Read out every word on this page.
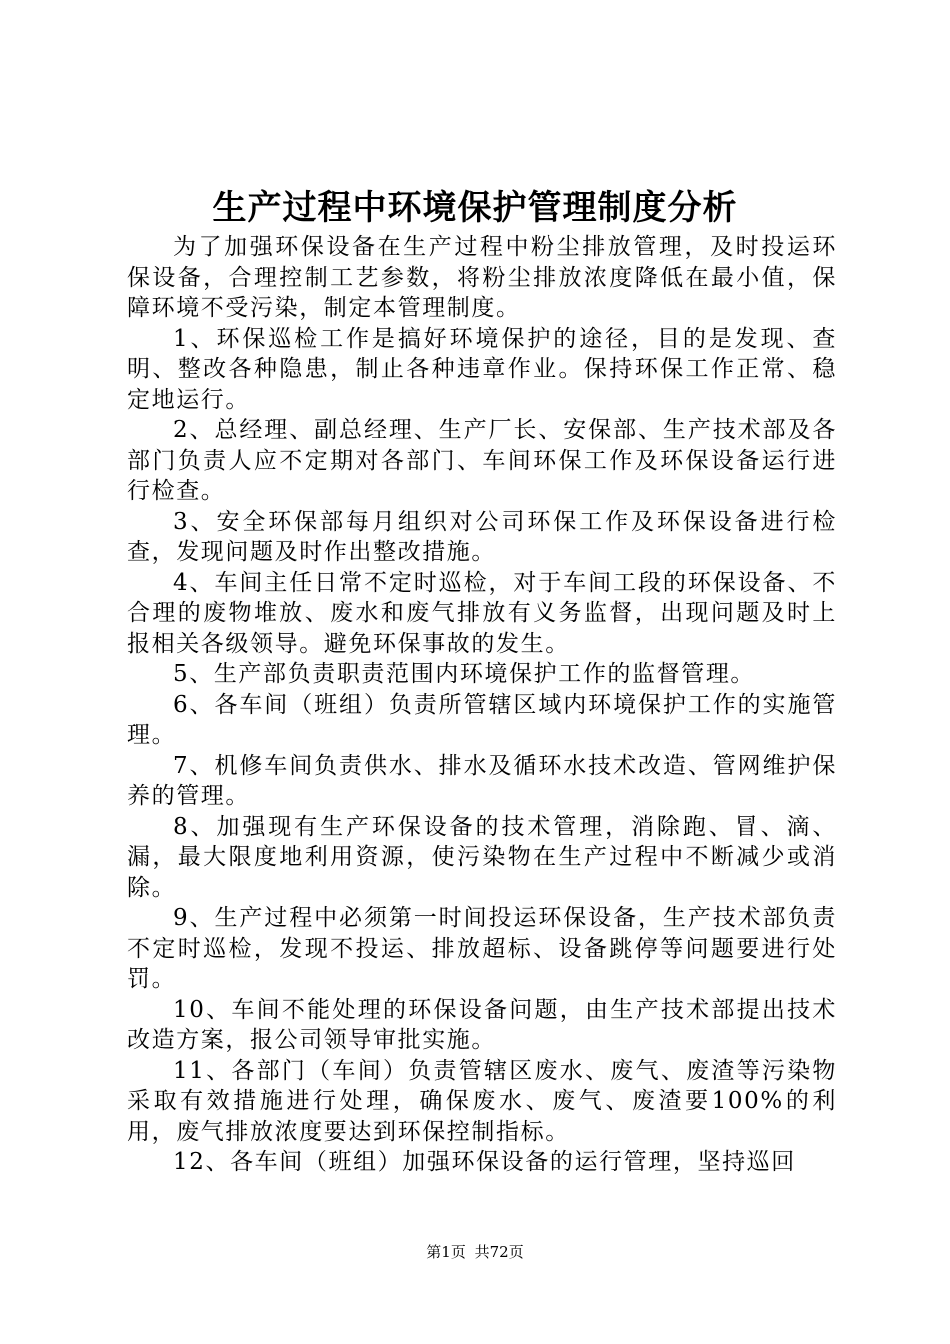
生产过程中环境保护管理制度分析

为了加强环保设备在生产过程中粉尘排放管理，及时投运环保设备，合理控制工艺参数，将粉尘排放浓度降低在最小值，保障环境不受污染，制定本管理制度。

1、环保巡检工作是搞好环境保护的途径，目的是发现、查明、整改各种隐患，制止各种违章作业。保持环保工作正常、稳定地运行。

2、总经理、副总经理、生产厂长、安保部、生产技术部及各部门负责人应不定期对各部门、车间环保工作及环保设备运行进行检查。

3、安全环保部每月组织对公司环保工作及环保设备进行检查，发现问题及时作出整改措施。

4、车间主任日常不定时巡检，对于车间工段的环保设备、不合理的废物堆放、废水和废气排放有义务监督，出现问题及时上报相关各级领导。避免环保事故的发生。

5、生产部负责职责范围内环境保护工作的监督管理。

6、各车间（班组）负责所管辖区域内环境保护工作的实施管理。

7、机修车间负责供水、排水及循环水技术改造、管网维护保养的管理。

8、加强现有生产环保设备的技术管理，消除跑、冒、滴、漏，最大限度地利用资源，使污染物在生产过程中不断减少或消除。

9、生产过程中必须第一时间投运环保设备，生产技术部负责不定时巡检，发现不投运、排放超标、设备跳停等问题要进行处罚。

10、车间不能处理的环保设备问题，由生产技术部提出技术改造方案，报公司领导审批实施。

11、各部门（车间）负责管辖区废水、废气、废渣等污染物采取有效措施进行处理，确保废水、废气、废渣要100%的利用，废气排放浓度要达到环保控制指标。

12、各车间（班组）加强环保设备的运行管理，坚持巡回

第1页 共72页
